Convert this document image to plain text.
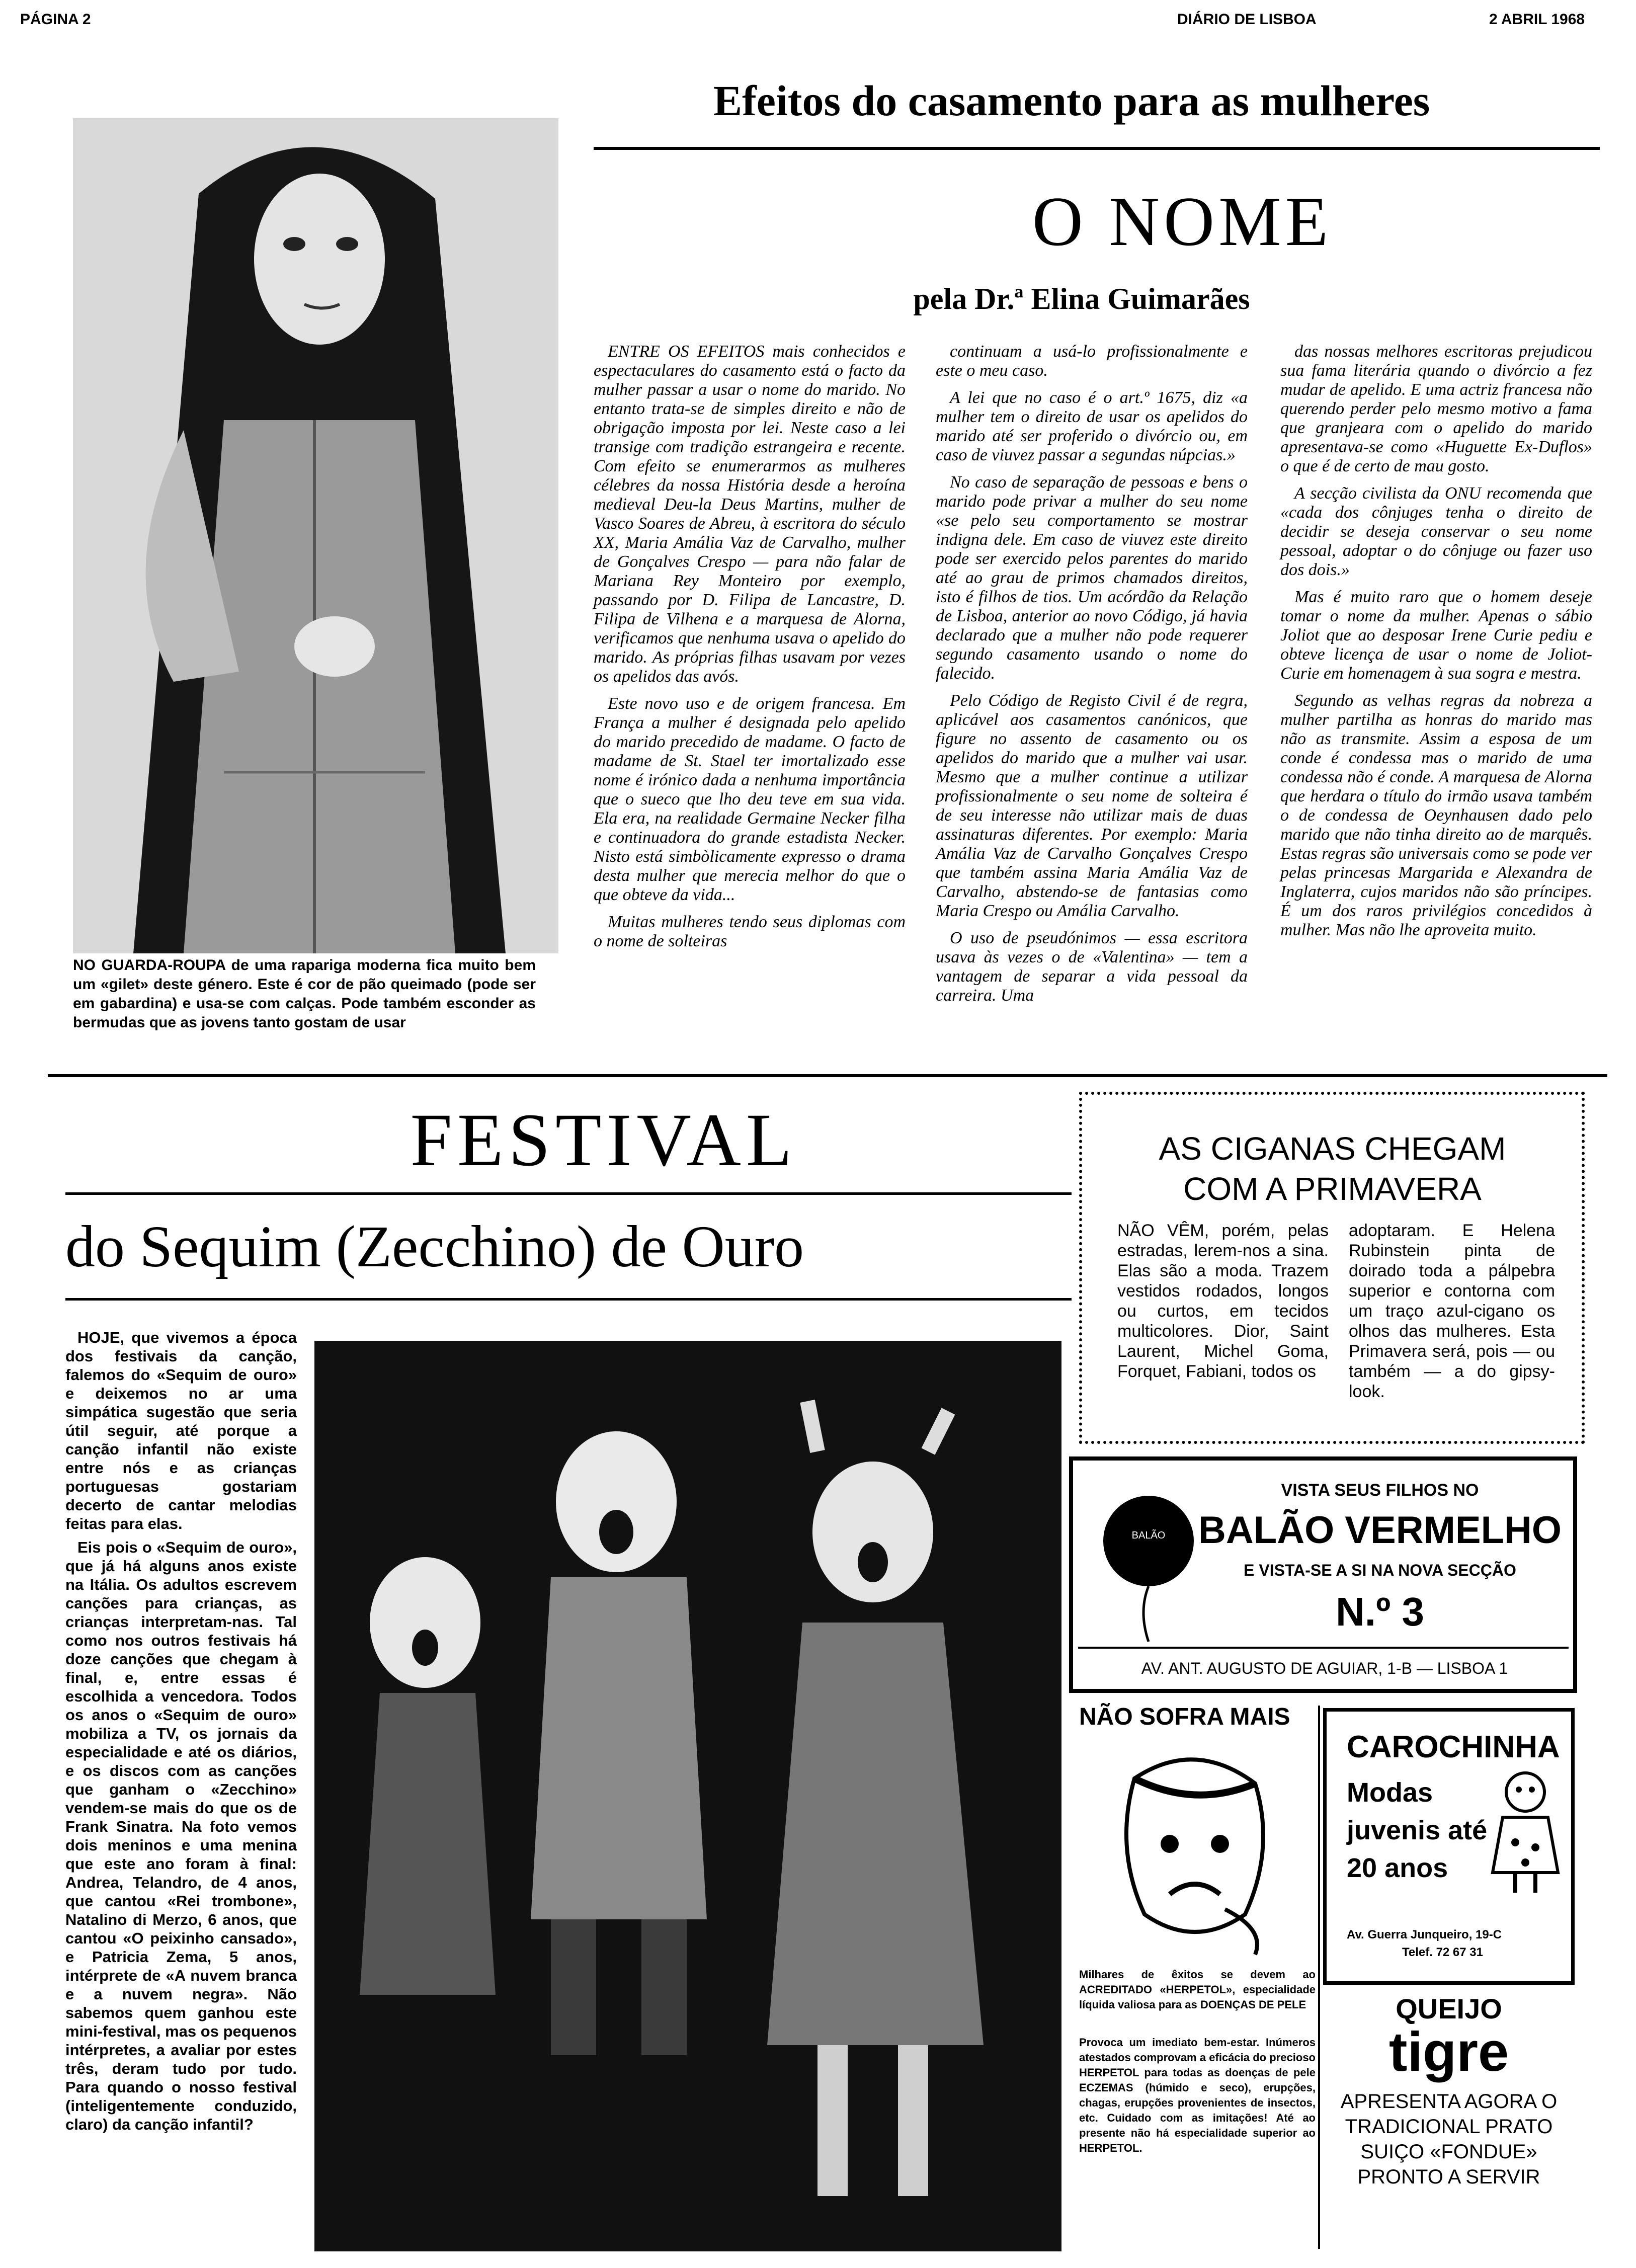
PÁGINA 2	DIÁRIO DE LISBOA	2 ABRIL 1968
NO GUARDA-ROUPA de uma rapariga moderna fica muito bem um «gilet» deste género. Este é cor de pão queimado (pode ser em gabardina) e usa-se com calças. Pode também esconder as bermudas que as jovens tanto gostam de usar
Efeitos do casamento para as mulheres
O NOME
pela Dr.ª Elina Guimarães

ENTRE OS EFEITOS mais conhecidos e espectaculares do casamento está o facto da mulher passar a usar o nome do marido. No entanto trata-se de simples direito e não de obrigação imposta por lei. Neste caso a lei transige com tradição estrangeira e recente. Com efeito se enumerarmos as mulheres célebres da nossa História desde a heroína medieval Deu-la Deus Martins, mulher de Vasco Soares de Abreu, à escritora do século XX, Maria Amália Vaz de Carvalho, mulher de Gonçalves Crespo — para não falar de Mariana Rey Monteiro por exemplo, passando por D. Filipa de Lancastre, D. Filipa de Vilhena e a marquesa de Alorna, verificamos que nenhuma usava o apelido do marido. As próprias filhas usavam por vezes os apelidos das avós.

Este novo uso e de origem francesa. Em França a mulher é designada pelo apelido do marido precedido de madame. O facto de madame de St. Stael ter imortalizado esse nome é irónico dada a nenhuma importância que o sueco que lho deu teve em sua vida. Ela era, na realidade Germaine Necker filha e continuadora do grande estadista Necker. Nisto está simbòlicamente expresso o drama desta mulher que merecia melhor do que o que obteve da vida...

Muitas mulheres tendo seus diplomas com o nome de solteiras

continuam a usá-lo profissionalmente e este o meu caso.

A lei que no caso é o art.º 1675, diz «a mulher tem o direito de usar os apelidos do marido até ser proferido o divórcio ou, em caso de viuvez passar a segundas núpcias.»

No caso de separação de pessoas e bens o marido pode privar a mulher do seu nome «se pelo seu comportamento se mostrar indigna dele. Em caso de viuvez este direito pode ser exercido pelos parentes do marido até ao grau de primos chamados direitos, isto é filhos de tios. Um acórdão da Relação de Lisboa, anterior ao novo Código, já havia declarado que a mulher não pode requerer segundo casamento usando o nome do falecido.

Pelo Código de Registo Civil é de regra, aplicável aos casamentos canónicos, que figure no assento de casamento ou os apelidos do marido que a mulher vai usar. Mesmo que a mulher continue a utilizar profissionalmente o seu nome de solteira é de seu interesse não utilizar mais de duas assinaturas diferentes. Por exemplo: Maria Amália Vaz de Carvalho Gonçalves Crespo que também assina Maria Amália Vaz de Carvalho, abstendo-se de fantasias como Maria Crespo ou Amália Carvalho.

O uso de pseudónimos — essa escritora usava às vezes o de «Valentina» — tem a vantagem de separar a vida pessoal da carreira. Uma

das nossas melhores escritoras prejudicou sua fama literária quando o divórcio a fez mudar de apelido. E uma actriz francesa não querendo perder pelo mesmo motivo a fama que granjeara com o apelido do marido apresentava-se como «Huguette Ex-Duflos» o que é de certo de mau gosto.

A secção civilista da ONU recomenda que «cada dos cônjuges tenha o direito de decidir se deseja conservar o seu nome pessoal, adoptar o do cônjuge ou fazer uso dos dois.»

Mas é muito raro que o homem deseje tomar o nome da mulher. Apenas o sábio Joliot que ao desposar Irene Curie pediu e obteve licença de usar o nome de Joliot-Curie em homenagem à sua sogra e mestra.

Segundo as velhas regras da nobreza a mulher partilha as honras do marido mas não as transmite. Assim a esposa de um conde é condessa mas o marido de uma condessa não é conde. A marquesa de Alorna que herdara o título do irmão usava também o de condessa de Oeynhausen dado pelo marido que não tinha direito ao de marquês. Estas regras são universais como se pode ver pelas princesas Margarida e Alexandra de Inglaterra, cujos maridos não são príncipes. É um dos raros privilégios concedidos à mulher. Mas não lhe aproveita muito.

FESTIVAL
do Sequim (Zecchino) de Ouro

HOJE, que vivemos a época dos festivais da canção, falemos do «Sequim de ouro» e deixemos no ar uma simpática sugestão que seria útil seguir, até porque a canção infantil não existe entre nós e as crianças portuguesas gostariam decerto de cantar melodias feitas para elas.

Eis pois o «Sequim de ouro», que já há alguns anos existe na Itália. Os adultos escrevem canções para crianças, as crianças interpretam-nas. Tal como nos outros festivais há doze canções que chegam à final, e, entre essas é escolhida a vencedora. Todos os anos o «Sequim de ouro» mobiliza a TV, os jornais da especialidade e até os diários, e os discos com as canções que ganham o «Zecchino» vendem-se mais do que os de Frank Sinatra. Na foto vemos dois meninos e uma menina que este ano foram à final: Andrea, Telandro, de 4 anos, que cantou «Rei trombone», Natalino di Merzo, 6 anos, que cantou «O peixinho cansado», e Patricia Zema, 5 anos, intérprete de «A nuvem branca e a nuvem negra». Não sabemos quem ganhou este mini-festival, mas os pequenos intérpretes, a avaliar por estes três, deram tudo por tudo. Para quando o nosso festival (inteligentemente conduzido, claro) da canção infantil?

AS CIGANAS CHEGAM
COM A PRIMAVERA
NÃO VÊM, porém, pelas estradas, lerem-nos a sina. Elas são a moda. Trazem vestidos rodados, longos ou curtos, em tecidos multicolores. Dior, Saint Laurent, Michel Goma, Forquet, Fabiani, todos os
adoptaram. E Helena Rubinstein pinta de doirado toda a pálpebra superior e contorna com um traço azul-cigano os olhos das mulheres. Esta Primavera será, pois — ou também — a do gipsy-look.
BALÃO
VISTA SEUS FILHOS NO
BALÃO VERMELHO
E VISTA-SE A SI NA NOVA SECÇÃO
N.º 3
AV. ANT. AUGUSTO DE AGUIAR, 1-B — LISBOA 1
NÃO SOFRA MAIS
Milhares de êxitos se devem ao ACREDITADO «HERPETOL», especialidade líquida valiosa para as DOENÇAS DE PELE
Provoca um imediato bem-estar. Inúmeros atestados comprovam a eficácia do precioso HERPETOL para todas as doenças de pele ECZEMAS (húmido e seco), erupções, chagas, erupções provenientes de insectos, etc. Cuidado com as imitações! Até ao presente não há especialidade superior ao HERPETOL.
CAROCHINHA
Modas
juvenis até
20 anos
Av. Guerra Junqueiro, 19-C
Telef. 72 67 31
QUEIJO
tigre
APRESENTA AGORA O
TRADICIONAL PRATO
SUIÇO «FONDUE»
PRONTO A SERVIR
